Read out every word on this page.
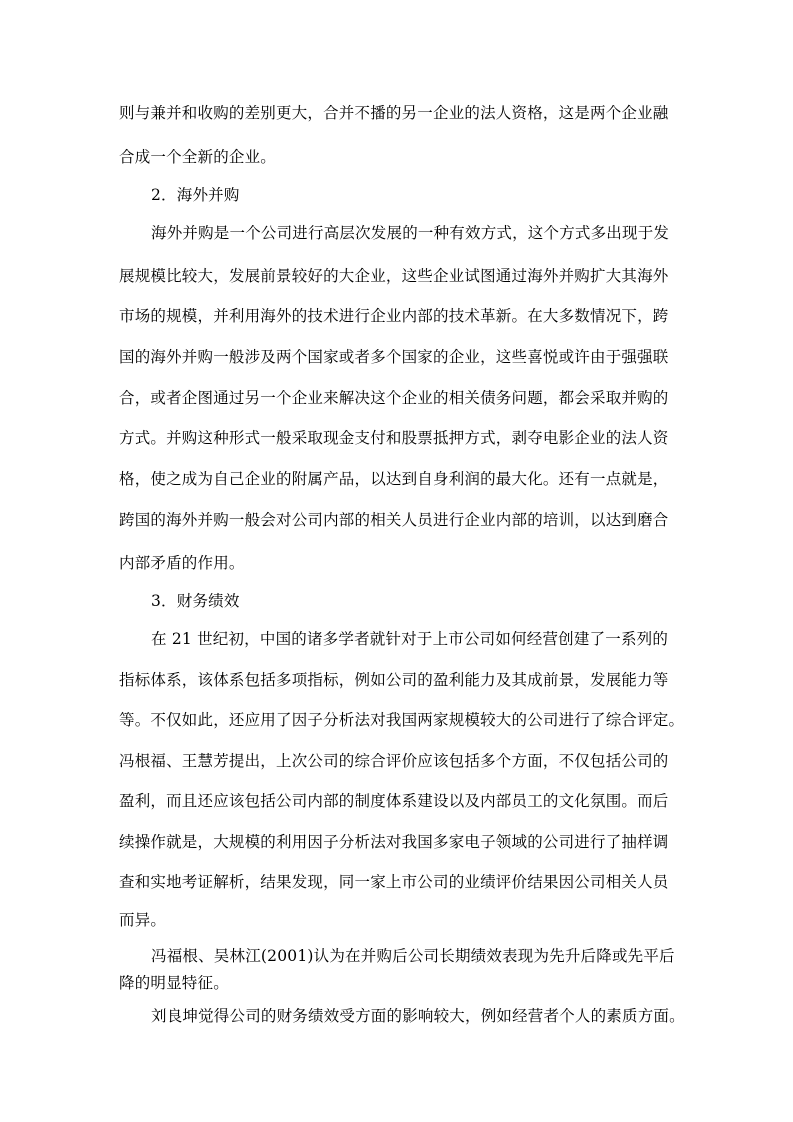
则与兼并和收购的差别更大，合并不播的另一企业的法人资格，这是两个企业融
合成一个全新的企业。
2．海外并购
海外并购是一个公司进行高层次发展的一种有效方式，这个方式多出现于发
展规模比较大，发展前景较好的大企业，这些企业试图通过海外并购扩大其海外
市场的规模，并利用海外的技术进行企业内部的技术革新。在大多数情况下，跨
国的海外并购一般涉及两个国家或者多个国家的企业，这些喜悦或许由于强强联
合，或者企图通过另一个企业来解决这个企业的相关债务问题，都会采取并购的
方式。并购这种形式一般采取现金支付和股票抵押方式，剥夺电影企业的法人资
格，使之成为自己企业的附属产品，以达到自身利润的最大化。还有一点就是，
跨国的海外并购一般会对公司内部的相关人员进行企业内部的培训，以达到磨合
内部矛盾的作用。
3．财务绩效
在 21 世纪初，中国的诸多学者就针对于上市公司如何经营创建了一系列的
指标体系，该体系包括多项指标，例如公司的盈利能力及其成前景，发展能力等
等。不仅如此，还应用了因子分析法对我国两家规模较大的公司进行了综合评定。
冯根福、王慧芳提出，上次公司的综合评价应该包括多个方面，不仅包括公司的
盈利，而且还应该包括公司内部的制度体系建设以及内部员工的文化氛围。而后
续操作就是，大规模的利用因子分析法对我国多家电子领域的公司进行了抽样调
查和实地考证解析，结果发现，同一家上市公司的业绩评价结果因公司相关人员
而异。
冯福根、吴林江(2001)认为在并购后公司长期绩效表现为先升后降或先平后
降的明显特征。
刘良坤觉得公司的财务绩效受方面的影响较大，例如经营者个人的素质方面。
